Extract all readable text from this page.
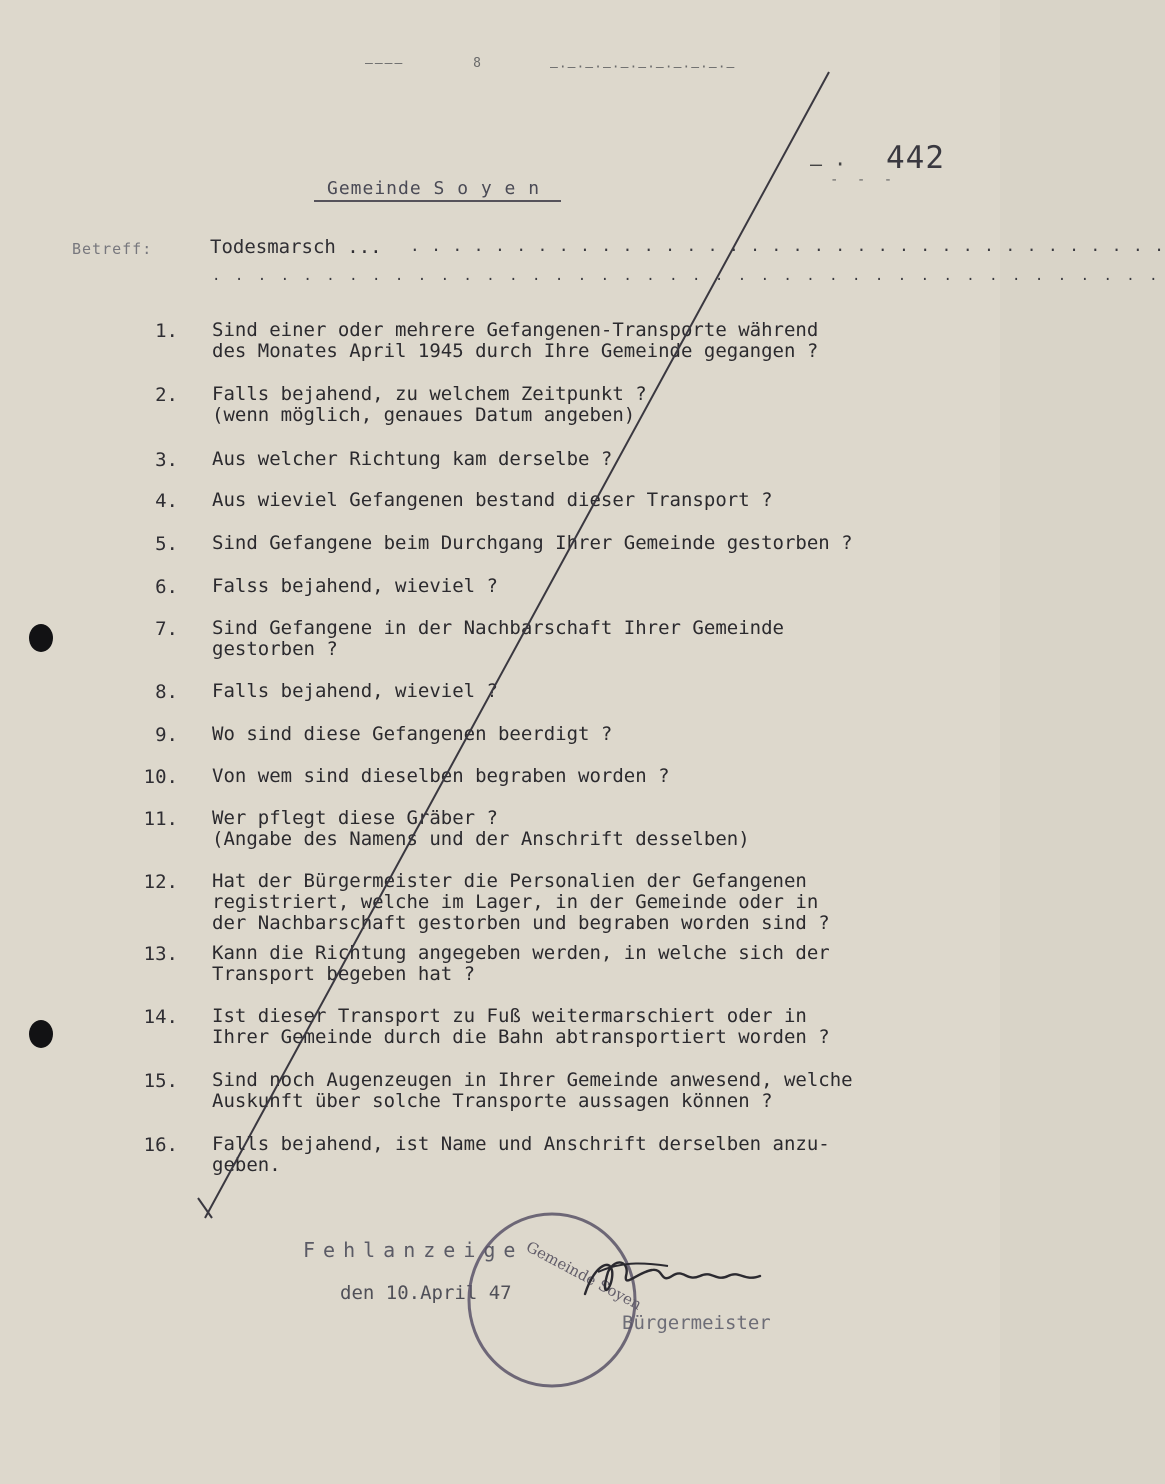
————       8	—·—·—·—·—·—·—·—·—·—·—
— · 442
- - -
Gemeinde S o y e n
Betreff:	Todesmarsch ... . . . . . . . . . . . . . . . . . . . . . . . . . . . . . . . . . . . .
. . . . . . . . . . . . . . . . . . . . . . . . . . . . . . . . . . . . . . . . . .
1. Sind einer oder mehrere Gefangenen-Transporte während
des Monates April 1945 durch Ihre Gemeinde gegangen ?
2. Falls bejahend, zu welchem Zeitpunkt ?
(wenn möglich, genaues Datum angeben)
3. Aus welcher Richtung kam derselbe ?
4. Aus wieviel Gefangenen bestand dieser Transport ?
5. Sind Gefangene beim Durchgang Ihrer Gemeinde gestorben ?
6. Falss bejahend, wieviel ?
7. Sind Gefangene in der Nachbarschaft Ihrer Gemeinde
gestorben ?
8. Falls bejahend, wieviel ?
9. Wo sind diese Gefangenen beerdigt ?
10. Von wem sind dieselben begraben worden ?
11. Wer pflegt diese Gräber ?
(Angabe des Namens und der Anschrift desselben)
12. Hat der Bürgermeister die Personalien der Gefangenen
registriert, welche im Lager, in der Gemeinde oder in
der Nachbarschaft gestorben und begraben worden sind ?
13. Kann die Richtung angegeben werden, in welche sich der
Transport begeben hat ?
14. Ist dieser Transport zu Fuß weitermarschiert oder in
Ihrer Gemeinde durch die Bahn abtransportiert worden ?
15. Sind noch Augenzeugen in Ihrer Gemeinde anwesend, welche
Auskunft über solche Transporte aussagen können ?
16. Falls bejahend, ist Name und Anschrift derselben anzu-
geben.
Fehlanzeige
den 10.April 47
Bürgermeister
Gemeinde Soyen
Hamburger
